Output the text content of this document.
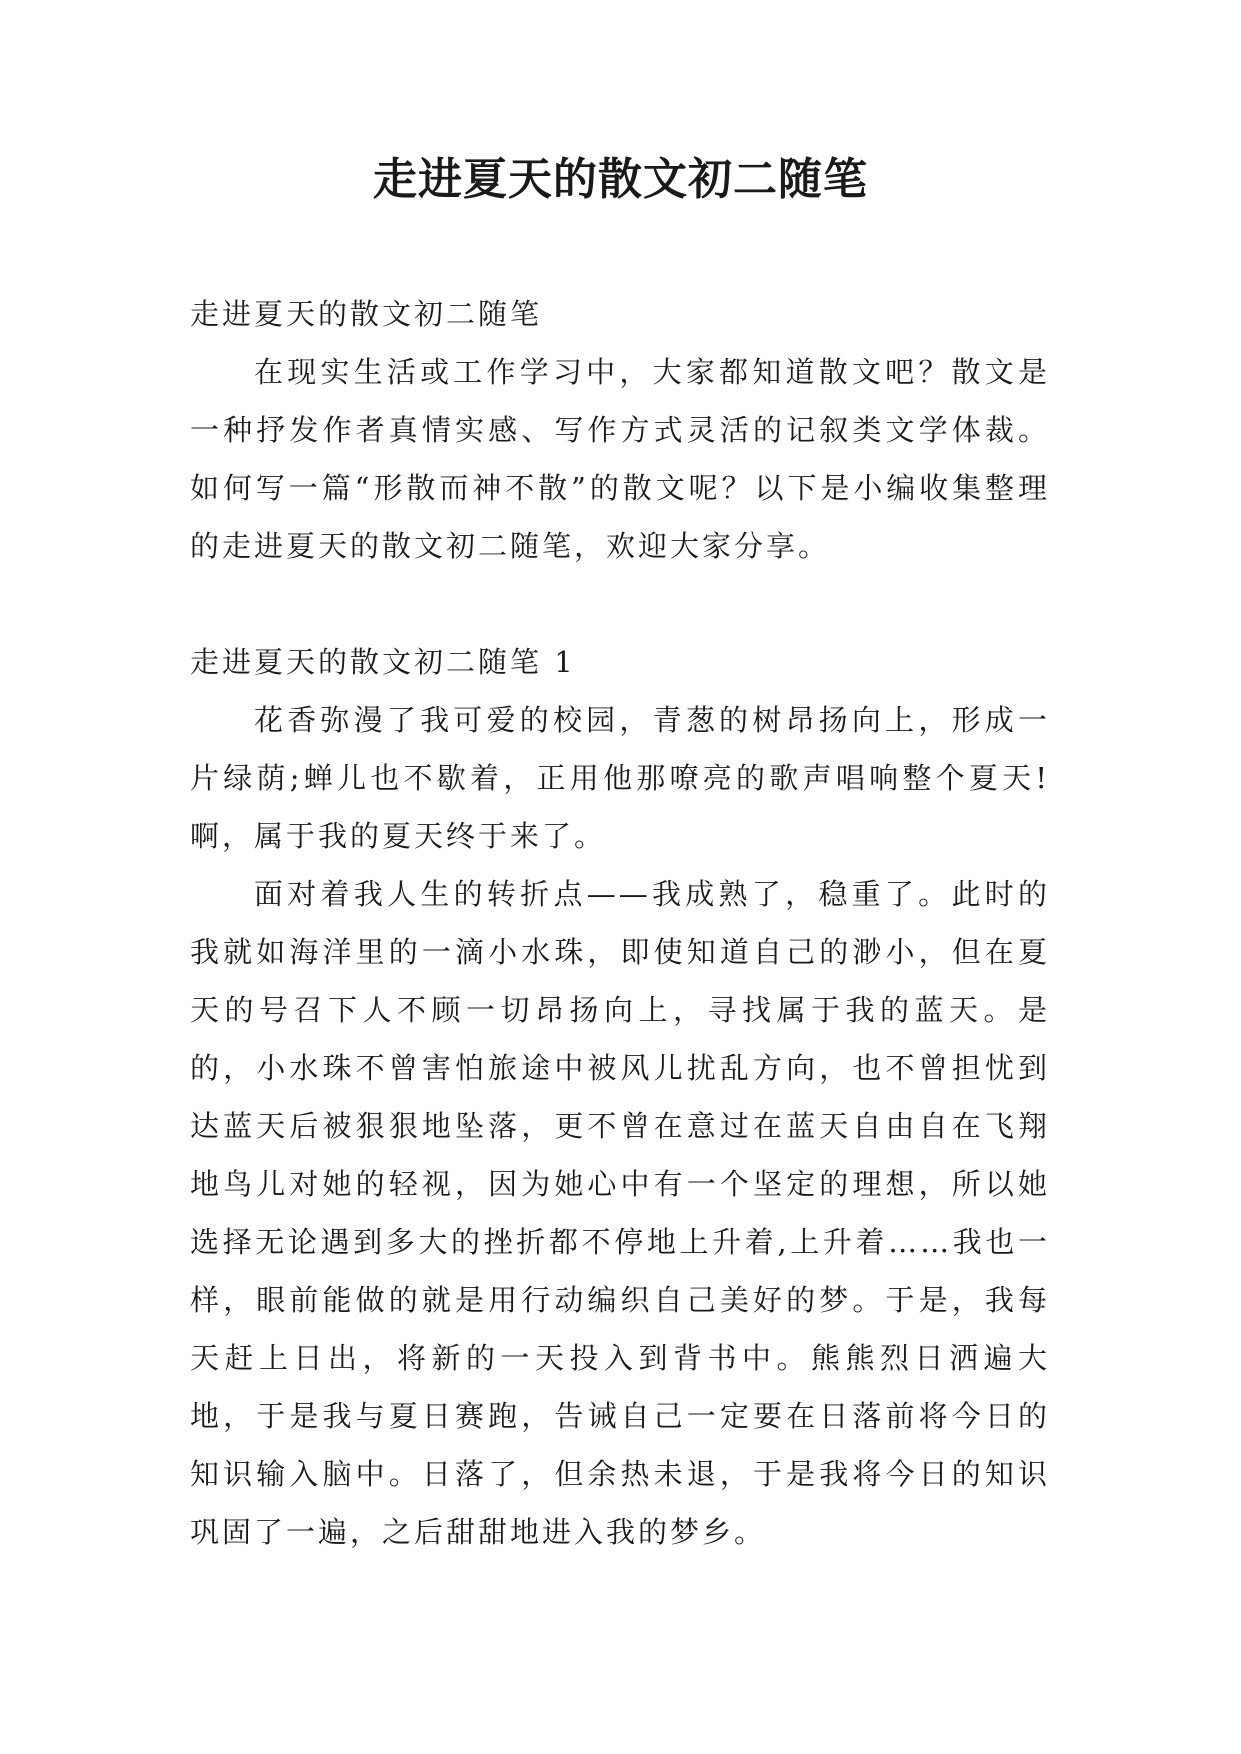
走进夏天的散文初二随笔

走进夏天的散文初二随笔

在现实生活或工作学习中，大家都知道散文吧？散文是一种抒发作者真情实感、写作方式灵活的记叙类文学体裁。如何写一篇“形散而神不散”的散文呢？以下是小编收集整理的走进夏天的散文初二随笔，欢迎大家分享。

走进夏天的散文初二随笔 1

花香弥漫了我可爱的校园，青葱的树昂扬向上，形成一片绿荫;蝉儿也不歇着，正用他那嘹亮的歌声唱响整个夏天!啊，属于我的夏天终于来了。

面对着我人生的转折点——我成熟了，稳重了。此时的我就如海洋里的一滴小水珠，即使知道自己的渺小，但在夏天的号召下人不顾一切昂扬向上，寻找属于我的蓝天。是的，小水珠不曾害怕旅途中被风儿扰乱方向，也不曾担忧到达蓝天后被狠狠地坠落，更不曾在意过在蓝天自由自在飞翔地鸟儿对她的轻视，因为她心中有一个坚定的理想，所以她选择无论遇到多大的挫折都不停地上升着,上升着……我也一样，眼前能做的就是用行动编织自己美好的梦。于是，我每天赶上日出，将新的一天投入到背书中。熊熊烈日洒遍大地，于是我与夏日赛跑，告诫自己一定要在日落前将今日的知识输入脑中。日落了，但余热未退，于是我将今日的知识巩固了一遍，之后甜甜地进入我的梦乡。
